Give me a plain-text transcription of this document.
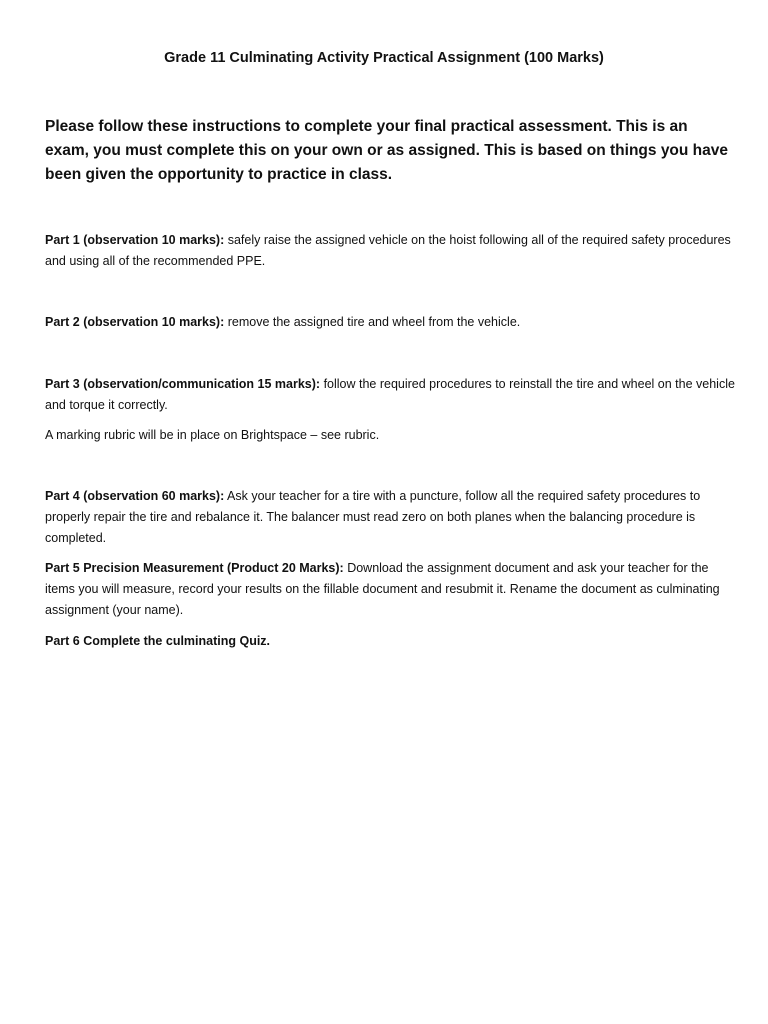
Grade 11 Culminating Activity Practical Assignment (100 Marks)
Please follow these instructions to complete your final practical assessment. This is an exam, you must complete this on your own or as assigned. This is based on things you have been given the opportunity to practice in class.
Part 1 (observation 10 marks): safely raise the assigned vehicle on the hoist following all of the required safety procedures and using all of the recommended PPE.
Part 2 (observation 10 marks): remove the assigned tire and wheel from the vehicle.
Part 3 (observation/communication 15 marks): follow the required procedures to reinstall the tire and wheel on the vehicle and torque it correctly.
A marking rubric will be in place on Brightspace – see rubric.
Part 4 (observation 60 marks): Ask your teacher for a tire with a puncture, follow all the required safety procedures to properly repair the tire and rebalance it. The balancer must read zero on both planes when the balancing procedure is completed.
Part 5 Precision Measurement (Product 20 Marks): Download the assignment document and ask your teacher for the items you will measure, record your results on the fillable document and resubmit it. Rename the document as culminating assignment (your name).
Part 6 Complete the culminating Quiz.
